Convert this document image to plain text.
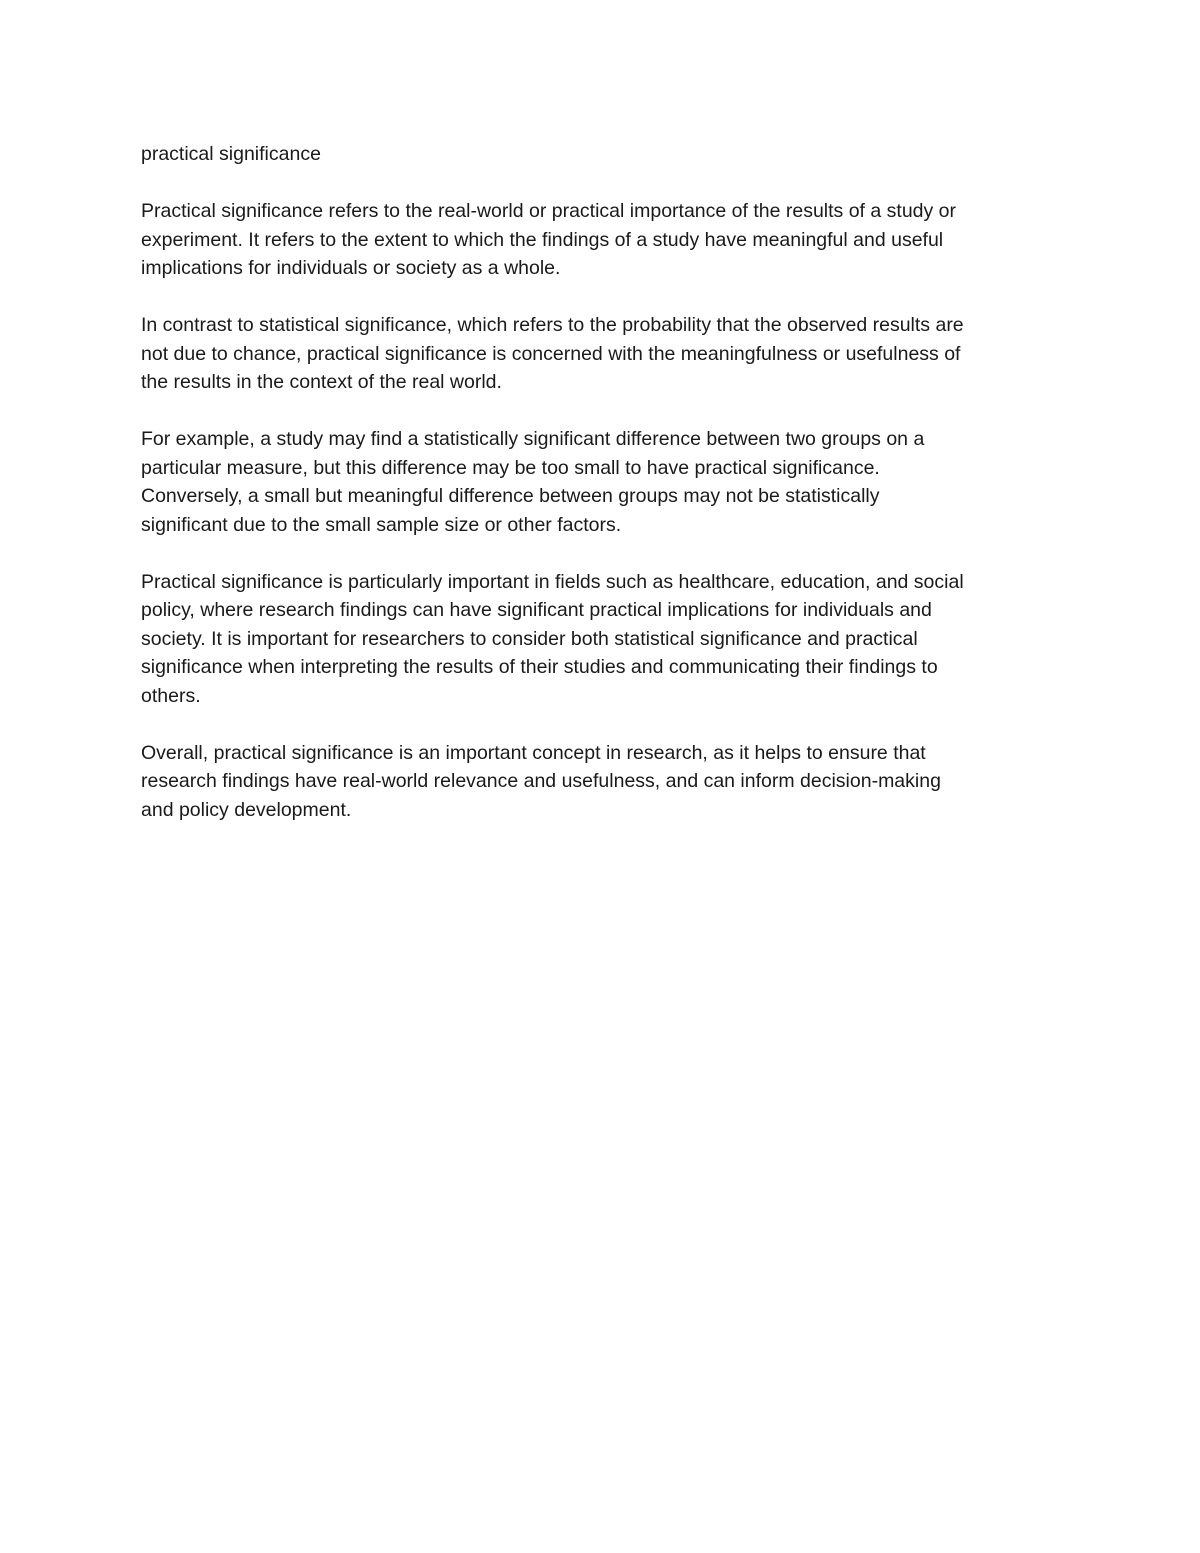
practical significance

Practical significance refers to the real-world or practical importance of the results of a study or
experiment. It refers to the extent to which the findings of a study have meaningful and useful
implications for individuals or society as a whole.

In contrast to statistical significance, which refers to the probability that the observed results are
not due to chance, practical significance is concerned with the meaningfulness or usefulness of
the results in the context of the real world.

For example, a study may find a statistically significant difference between two groups on a
particular measure, but this difference may be too small to have practical significance.
Conversely, a small but meaningful difference between groups may not be statistically
significant due to the small sample size or other factors.

Practical significance is particularly important in fields such as healthcare, education, and social
policy, where research findings can have significant practical implications for individuals and
society. It is important for researchers to consider both statistical significance and practical
significance when interpreting the results of their studies and communicating their findings to
others.

Overall, practical significance is an important concept in research, as it helps to ensure that
research findings have real-world relevance and usefulness, and can inform decision-making
and policy development.
